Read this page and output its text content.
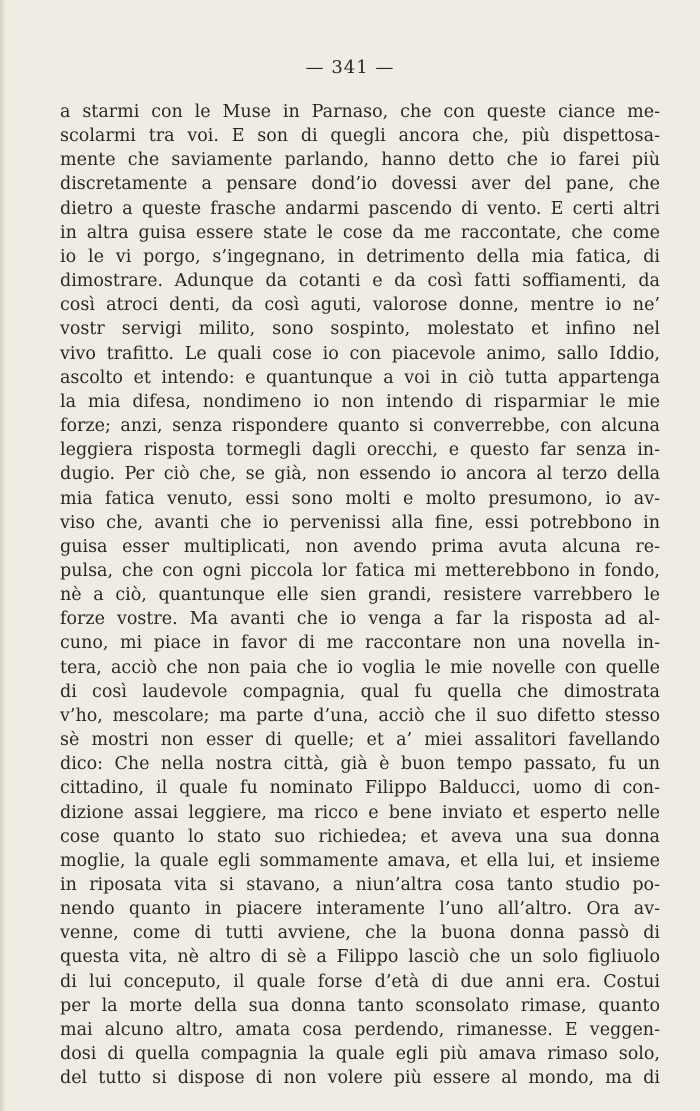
— 341 —
a starmi con le Muse in Parnaso, che con queste ciance me-
scolarmi tra voi. E son di quegli ancora che, più dispettosa-
mente che saviamente parlando, hanno detto che io farei più
discretamente a pensare dond’io dovessi aver del pane, che
dietro a queste frasche andarmi pascendo di vento. E certi altri
in altra guisa essere state le cose da me raccontate, che come
io le vi porgo, s’ingegnano, in detrimento della mia fatica, di
dimostrare. Adunque da cotanti e da così fatti soffiamenti, da
così atroci denti, da così aguti, valorose donne, mentre io ne’
vostr servigi milito, sono sospinto, molestato et infino nel
vivo trafitto. Le quali cose io con piacevole animo, sallo Iddio,
ascolto et intendo: e quantunque a voi in ciò tutta appartenga
la mia difesa, nondimeno io non intendo di risparmiar le mie
forze; anzi, senza rispondere quanto si converrebbe, con alcuna
leggiera risposta tormegli dagli orecchi, e questo far senza in-
dugio. Per ciò che, se già, non essendo io ancora al terzo della
mia fatica venuto, essi sono molti e molto presumono, io av-
viso che, avanti che io pervenissi alla fine, essi potrebbono in
guisa esser multiplicati, non avendo prima avuta alcuna re-
pulsa, che con ogni piccola lor fatica mi metterebbono in fondo,
nè a ciò, quantunque elle sien grandi, resistere varrebbero le
forze vostre. Ma avanti che io venga a far la risposta ad al-
cuno, mi piace in favor di me raccontare non una novella in-
tera, acciò che non paia che io voglia le mie novelle con quelle
di così laudevole compagnia, qual fu quella che dimostrata
v’ho, mescolare; ma parte d’una, acciò che il suo difetto stesso
sè mostri non esser di quelle; et a’ miei assalitori favellando
dico: Che nella nostra città, già è buon tempo passato, fu un
cittadino, il quale fu nominato Filippo Balducci, uomo di con-
dizione assai leggiere, ma ricco e bene inviato et esperto nelle
cose quanto lo stato suo richiedea; et aveva una sua donna
moglie, la quale egli sommamente amava, et ella lui, et insieme
in riposata vita si stavano, a niun’altra cosa tanto studio po-
nendo quanto in piacere interamente l’uno all’altro. Ora av-
venne, come di tutti avviene, che la buona donna passò di
questa vita, nè altro di sè a Filippo lasciò che un solo figliuolo
di lui conceputo, il quale forse d’età di due anni era. Costui
per la morte della sua donna tanto sconsolato rimase, quanto
mai alcuno altro, amata cosa perdendo, rimanesse. E veggen-
dosi di quella compagnia la quale egli più amava rimaso solo,
del tutto si dispose di non volere più essere al mondo, ma di
